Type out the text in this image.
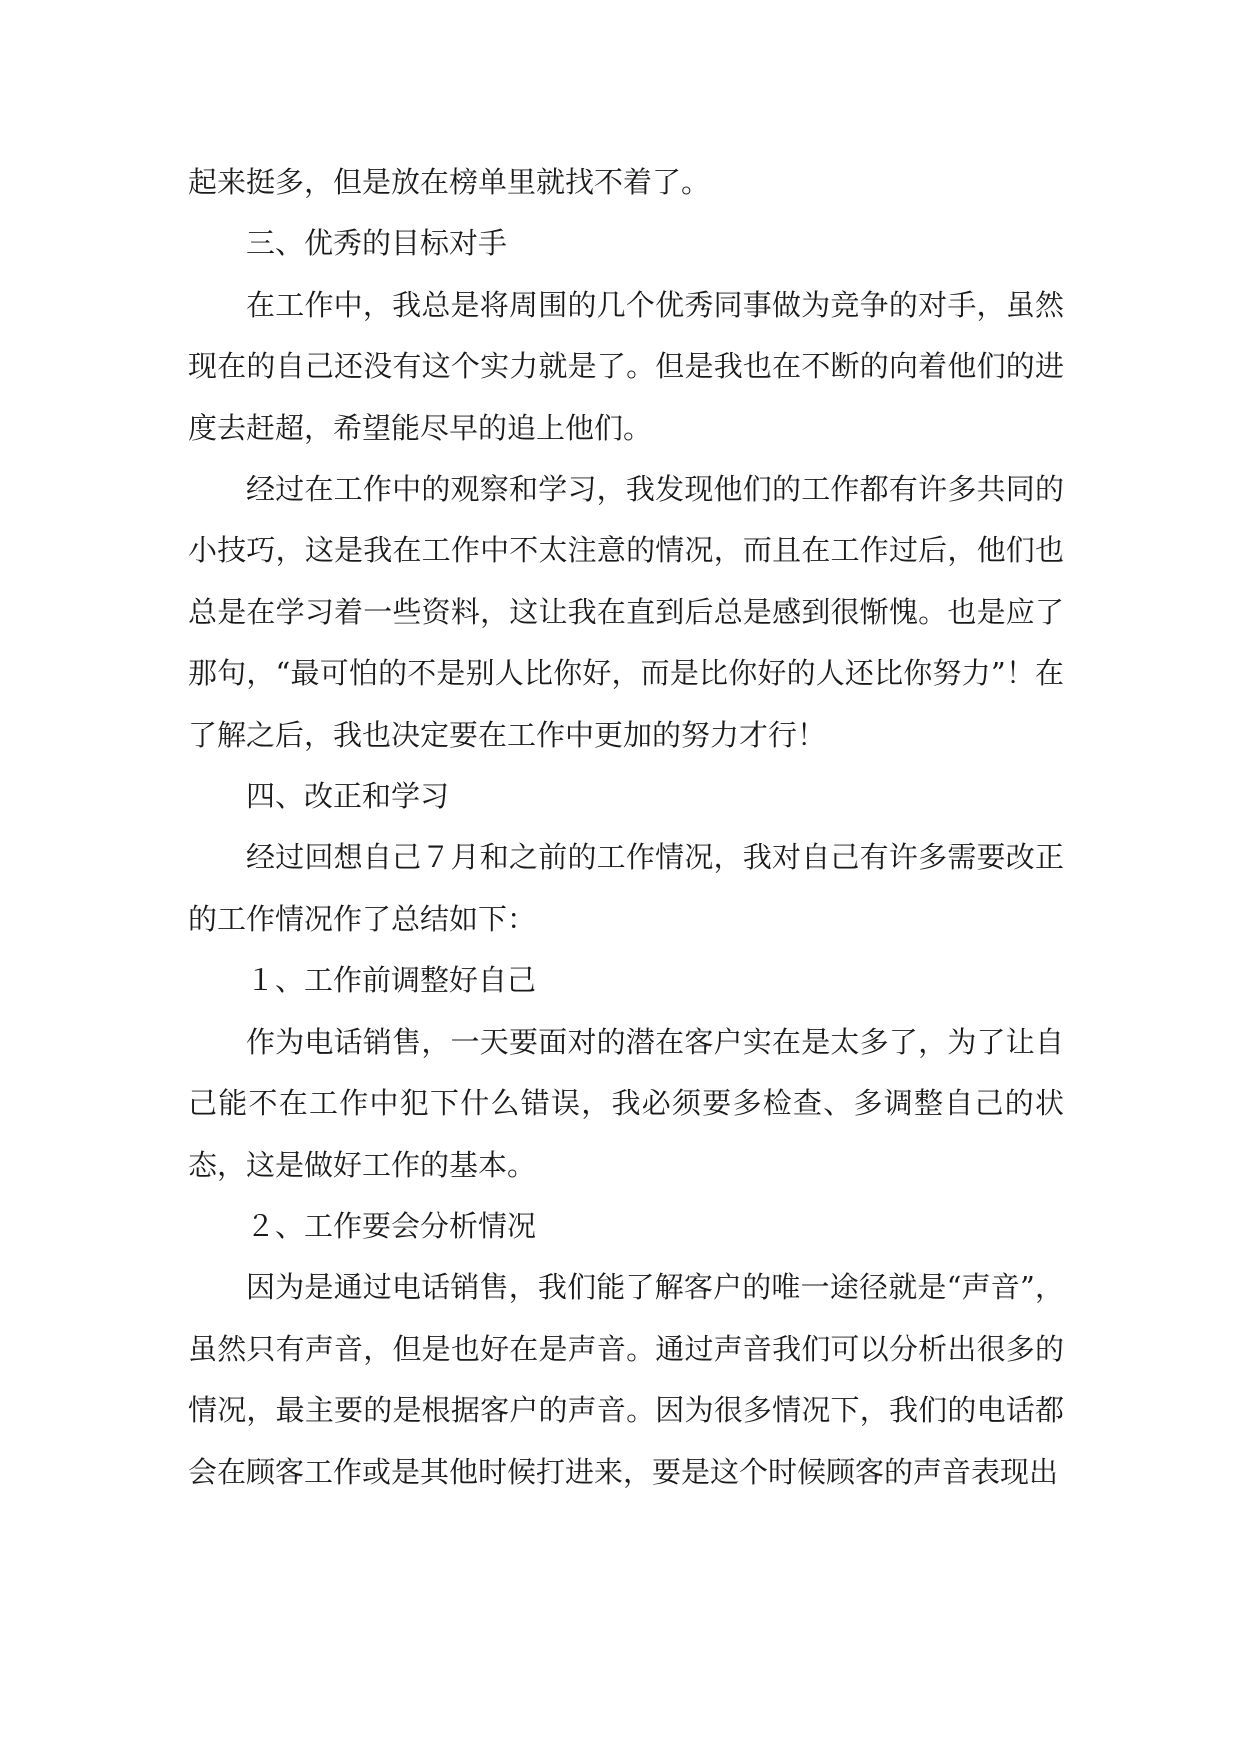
起来挺多，但是放在榜单里就找不着了。

三、优秀的目标对手

在工作中，我总是将周围的几个优秀同事做为竞争的对手，虽然现在的自己还没有这个实力就是了。但是我也在不断的向着他们的进度去赶超，希望能尽早的追上他们。

经过在工作中的观察和学习，我发现他们的工作都有许多共同的小技巧，这是我在工作中不太注意的情况，而且在工作过后，他们也总是在学习着一些资料，这让我在直到后总是感到很惭愧。也是应了那句，“最可怕的不是别人比你好，而是比你好的人还比你努力”！在了解之后，我也决定要在工作中更加的努力才行！

四、改正和学习

经过回想自己７月和之前的工作情况，我对自己有许多需要改正的工作情况作了总结如下：

１、工作前调整好自己

作为电话销售，一天要面对的潜在客户实在是太多了，为了让自己能不在工作中犯下什么错误，我必须要多检查、多调整自己的状态，这是做好工作的基本。

２、工作要会分析情况

因为是通过电话销售，我们能了解客户的唯一途径就是“声音”，虽然只有声音，但是也好在是声音。通过声音我们可以分析出很多的情况，最主要的是根据客户的声音。因为很多情况下，我们的电话都会在顾客工作或是其他时候打进来，要是这个时候顾客的声音表现出
